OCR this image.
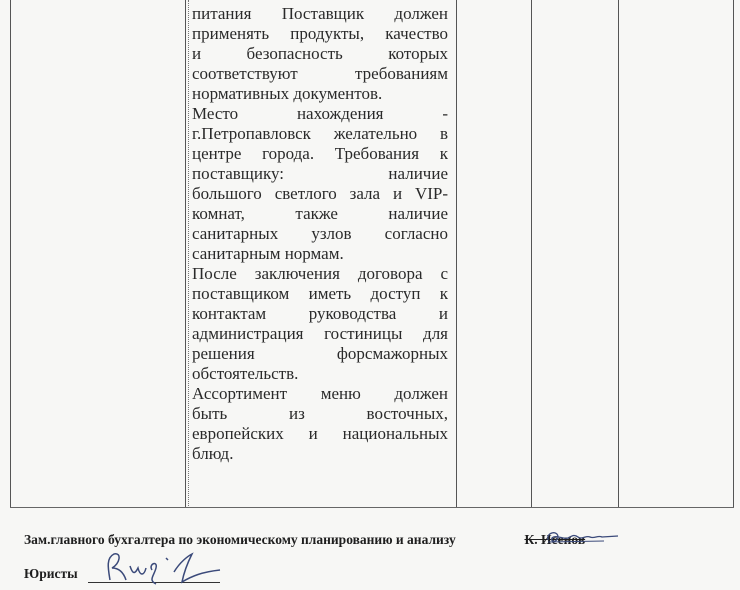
питания Поставщик должен
применять продукты, качество
и безопасность которых
соответствуют требованиям
нормативных документов.
Место нахождения -
г.Петропавловск желательно в
центре города. Требования к
поставщику: наличие
большого светлого зала и VIP-
комнат, также наличие
санитарных узлов согласно
санитарным нормам.
После заключения договора с
поставщиком иметь доступ к
контактам руководства и
администрация гостиницы для
решения форсмажорных
обстоятельств.
Ассортимент меню должен
быть из восточных,
европейских и национальных
блюд.
Зам.главного бухгалтера по экономическому планированию и анализу	К. Исенов
Юристы
